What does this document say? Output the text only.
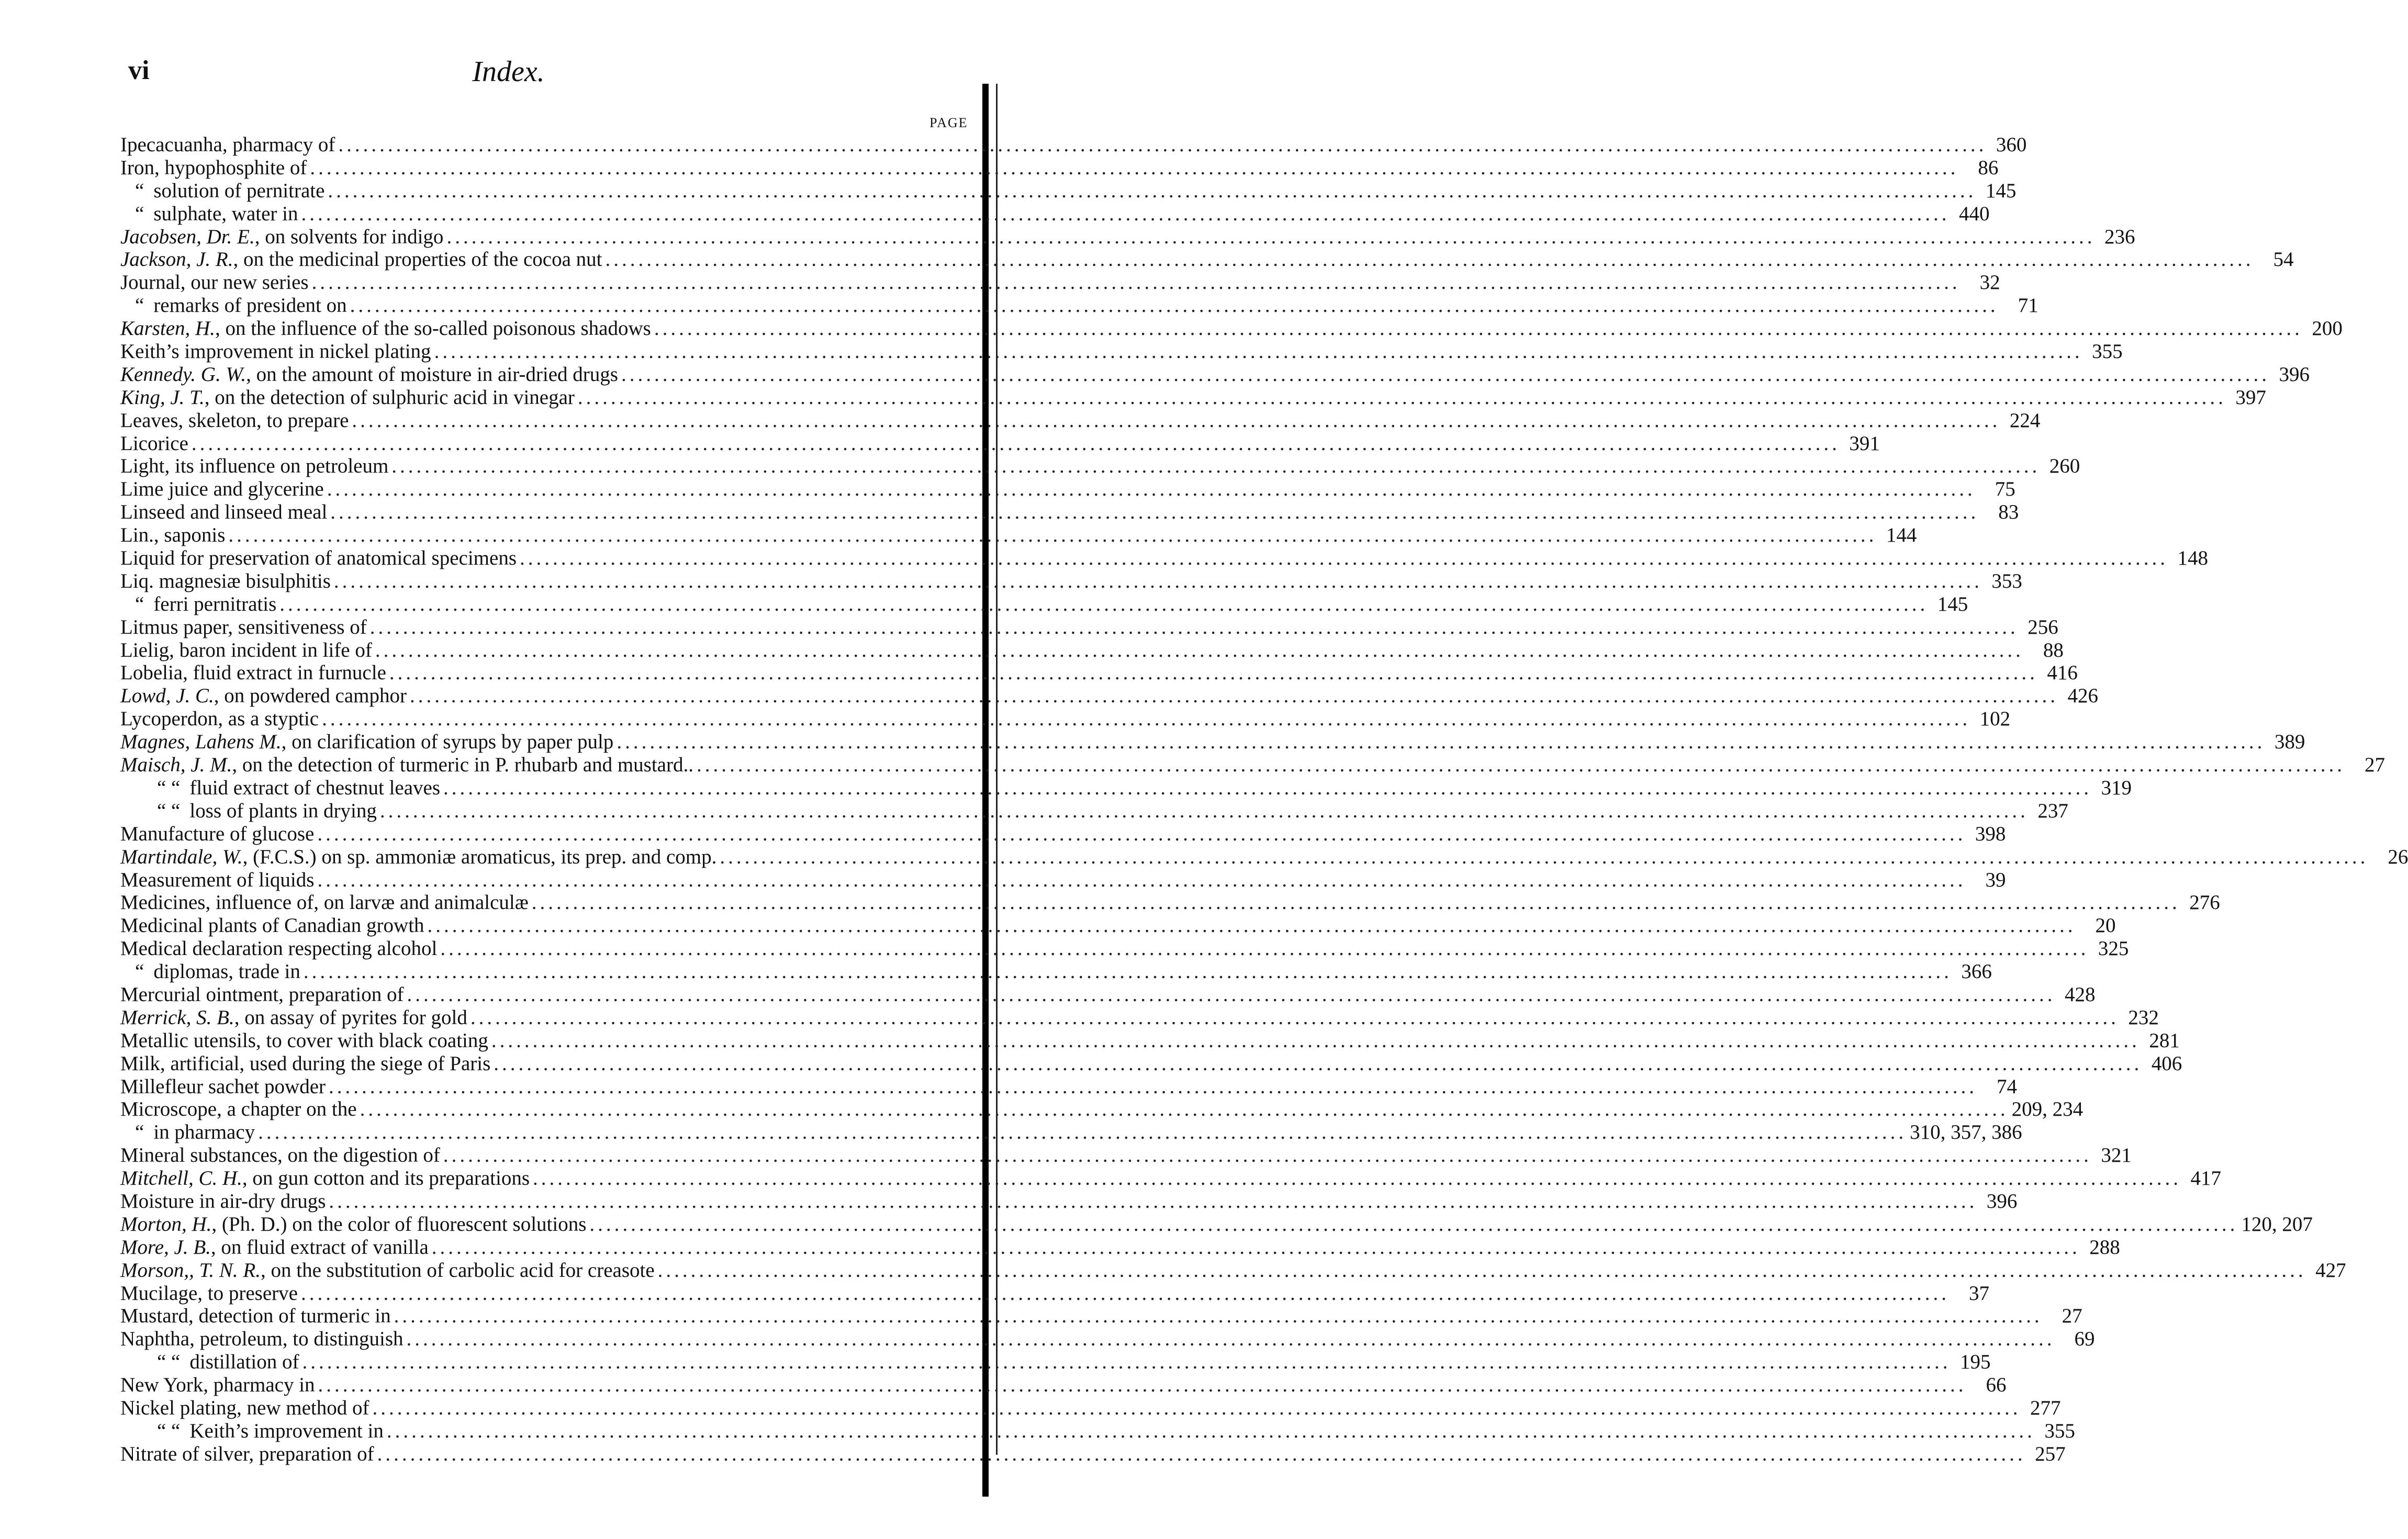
Index.
vi
PAGE
Ipecacuanha, pharmacy of ........................................................................................................................................................................................................ 360
Iron, hypophosphite of ........................................................................................................................................................................................................ 86
“ solution of pernitrate ........................................................................................................................................................................................................ 145
“ sulphate, water in ........................................................................................................................................................................................................ 440
Jacobsen, Dr. E., on solvents for indigo ........................................................................................................................................................................................................ 236
Jackson, J. R., on the medicinal properties of the cocoa nut ........................................................................................................................................................................................................ 54
Journal, our new series ........................................................................................................................................................................................................ 32
“ remarks of president on ........................................................................................................................................................................................................ 71
Karsten, H., on the influence of the so-called poisonous shadows ........................................................................................................................................................................................................ 200
Keith’s improvement in nickel plating ........................................................................................................................................................................................................ 355
Kennedy. G. W., on the amount of moisture in air-dried drugs ........................................................................................................................................................................................................ 396
King, J. T., on the detection of sulphuric acid in vinegar ........................................................................................................................................................................................................ 397
Leaves, skeleton, to prepare ........................................................................................................................................................................................................ 224
Licorice ........................................................................................................................................................................................................ 391
Light, its influence on petroleum ........................................................................................................................................................................................................ 260
Lime juice and glycerine ........................................................................................................................................................................................................ 75
Linseed and linseed meal ........................................................................................................................................................................................................ 83
Lin., saponis ........................................................................................................................................................................................................ 144
Liquid for preservation of anatomical specimens ........................................................................................................................................................................................................ 148
Liq. magnesiæ bisulphitis ........................................................................................................................................................................................................ 353
“ ferri pernitratis ........................................................................................................................................................................................................ 145
Litmus paper, sensitiveness of ........................................................................................................................................................................................................ 256
Lielig, baron incident in life of ........................................................................................................................................................................................................ 88
Lobelia, fluid extract in furnucle ........................................................................................................................................................................................................ 416
Lowd, J. C., on powdered camphor ........................................................................................................................................................................................................ 426
Lycoperdon, as a styptic ........................................................................................................................................................................................................ 102
Magnes, Lahens M., on clarification of syrups by paper pulp ........................................................................................................................................................................................................ 389
Maisch, J. M., on the detection of turmeric in P. rhubarb and mustard.. ........................................................................................................................................................................................................ 27
“ “ fluid extract of chestnut leaves ........................................................................................................................................................................................................ 319
“ “ loss of plants in drying ........................................................................................................................................................................................................ 237
Manufacture of glucose ........................................................................................................................................................................................................ 398
Martindale, W., (F.C.S.) on sp. ammoniæ aromaticus, its prep. and comp. ........................................................................................................................................................................................................ 26
Measurement of liquids ........................................................................................................................................................................................................ 39
Medicines, influence of, on larvæ and animalculæ ........................................................................................................................................................................................................ 276
Medicinal plants of Canadian growth ........................................................................................................................................................................................................ 20
Medical declaration respecting alcohol ........................................................................................................................................................................................................ 325
“ diplomas, trade in ........................................................................................................................................................................................................ 366
Mercurial ointment, preparation of ........................................................................................................................................................................................................ 428
Merrick, S. B., on assay of pyrites for gold ........................................................................................................................................................................................................ 232
Metallic utensils, to cover with black coating ........................................................................................................................................................................................................ 281
Milk, artificial, used during the siege of Paris ........................................................................................................................................................................................................ 406
Millefleur sachet powder ........................................................................................................................................................................................................ 74
Microscope, a chapter on the ........................................................................................................................................................................................................ 209, 234
“ in pharmacy ........................................................................................................................................................................................................ 310, 357, 386
Mineral substances, on the digestion of ........................................................................................................................................................................................................ 321
Mitchell, C. H., on gun cotton and its preparations ........................................................................................................................................................................................................ 417
Moisture in air-dry drugs ........................................................................................................................................................................................................ 396
Morton, H., (Ph. D.) on the color of fluorescent solutions ........................................................................................................................................................................................................ 120, 207
More, J. B., on fluid extract of vanilla ........................................................................................................................................................................................................ 288
Morson,, T. N. R., on the substitution of carbolic acid for creasote ........................................................................................................................................................................................................ 427
Mucilage, to preserve ........................................................................................................................................................................................................ 37
Mustard, detection of turmeric in ........................................................................................................................................................................................................ 27
Naphtha, petroleum, to distinguish ........................................................................................................................................................................................................ 69
“ “ distillation of ........................................................................................................................................................................................................ 195
New York, pharmacy in ........................................................................................................................................................................................................ 66
Nickel plating, new method of ........................................................................................................................................................................................................ 277
“ “ Keith’s improvement in ........................................................................................................................................................................................................ 355
Nitrate of silver, preparation of ........................................................................................................................................................................................................ 257
